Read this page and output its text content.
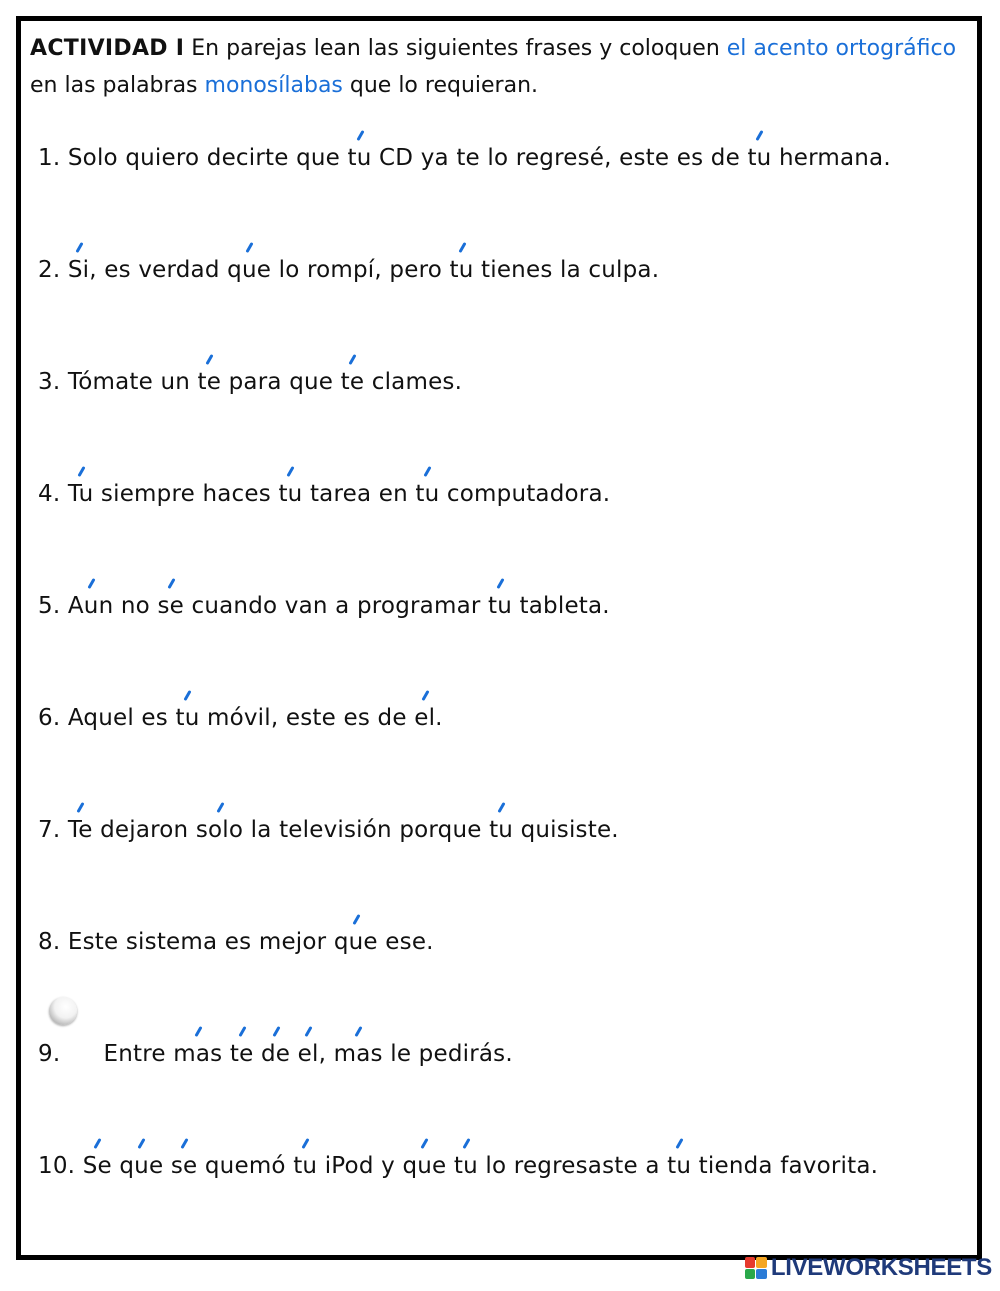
ACTIVIDAD I En parejas lean las siguientes frases y coloquen el acento ortográfico en las palabras monosílabas que lo requieran.
1. Solo quiero decirte que tu
CD ya te lo regresé, este es de tu
hermana.
2. Si
, es verdad que
lo rompí, pero tu
tienes la culpa.
3. Tómate un te
para que te
clames.
4. Tu
siempre haces tu
tarea en tu
computadora.
5. Aun
no se
cuando van a programar tu
tableta.
6. Aquel es tu
móvil, este es de el
.
7. Te
dejaron solo
la televisión porque tu
quisiste.
8. Este sistema es mejor que
ese.
9. Entre mas te de el
, mas
le pedirás.
10. Se que se
quemó tu
iPod y que tu
lo regresaste a tu
tienda favorita.
LIVEWORKSHEETS
